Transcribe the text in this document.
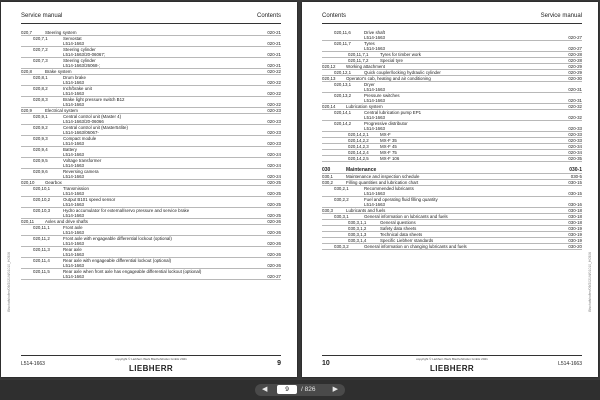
Service manual	Contents
020,7	Steering system	020-21
020,7,1	Servostat
L514-1663	020-21
020,7,2	Steering cylinder
L514-1663/20-06067;	020-21
020,7,3	Steering cylinder
L514-1663/26068-;	020-21
020,8	Brake system	020-22
020,8,1	Drum brake
L514-1663	020-22
020,8,2	Inch/brake unit
L514-1663	020-22
020,8,3	Brake light pressure switch B12
L514-1663	020-22
020,9	Electrical system	020-23
020,9,1	Central control unit (Master 4)
L514-1663/20-06066	020-23
020,9,2	Central control unit (Master54lite)
L514-1663/06067-	020-23
020,9,3	Compact module
L514-1663	020-23
020,9,4	Battery
L514-1663	020-24
020,9,5	Voltage transformer
L514-1663	020-24
020,9,6	Reversing camera
L514-1663	020-24
020,10 Gearbox	020-25
020,10,1	Transmission
L514-1663	020-25
020,10,2	Output B101 speed sensor
L514-1663	020-25
020,10,3	Hydro accumulator for external/servo pressure and service brake
L514-1663	020-25
020,11 Axles and drive shafts	020-26
020,11,1	Front axle
L514-1663	020-26
020,11,2	Front axle with engageable differential lockout (optional)
L514-1663	020-26
020,11,3	Rear axle
L514-1663	020-26
020,11,4	Rear axle with engageable differential lockout (optional)
L514-1663	020-26
020,11,5	Rear axle when front axle has engageable differential lockout (optional)
L514-1663	020-27
Bischofshofen/09/2021/4/01010_H0506
L514-1663
copyright © Liebherr-Werk Bischofshofen GmbH 2021
LIEBHERR
9
Contents	Service manual
020,11,6	Drive shaft
L514-1663	020-27
020,11,7	Tyres
L514-1663	020-27
020,11,7,1	Tyres for timber work	020-28
020,11,7,2	Special tyre	020-28
020,12 Working attachment	020-29
020,12,1	Quick coupler/locking hydraulic cylinder	020-29
020,13 Operator's cab, heating and air conditioning	020-30
020,13,1	Dryer
L514-1663	020-31
020,13,2	Pressure switches
L514-1663	020-31
020,14 Lubrication system	020-32
020,14,1	Central lubrication pump EP1
L514-1663	020-32
020,14,2	Progressive distributor
L514-1663	020-33
020,14,2,1	MX-F	020-33
020,14,2,2	MX-F 35	020-33
020,14,2,3	MX-F 45	020-34
020,14,2,4	MX-F 75	020-34
020,14,2,5	MX-F 106	020-35
030	Maintenance	030-1
030,1	Maintenance and inspection schedule	030-5
030,2	Filling quantities and lubrication chart	030-15
030,2,1	Recommended lubricants
L514-1663	030-15
030,2,2	Fuel and operating fluid filling quantity
L514-1663	030-16
030,3	Lubricants and fuels	030-18
030,3,1	General information on lubricants and fuels	030-18
030,3,1,1	General questions	030-18
030,3,1,2	Safety data sheets	030-19
030,3,1,3	Technical data sheets	030-19
030,3,1,4	Specific Liebherr standards	030-19
030,3,2	General information on changing lubricants and fuels	030-20
Bischofshofen/09/2021/4/01010_H0506
10
copyright © Liebherr-Werk Bischofshofen GmbH 2021
LIEBHERR	L514-1663
◀	9	/ 826 ▶
